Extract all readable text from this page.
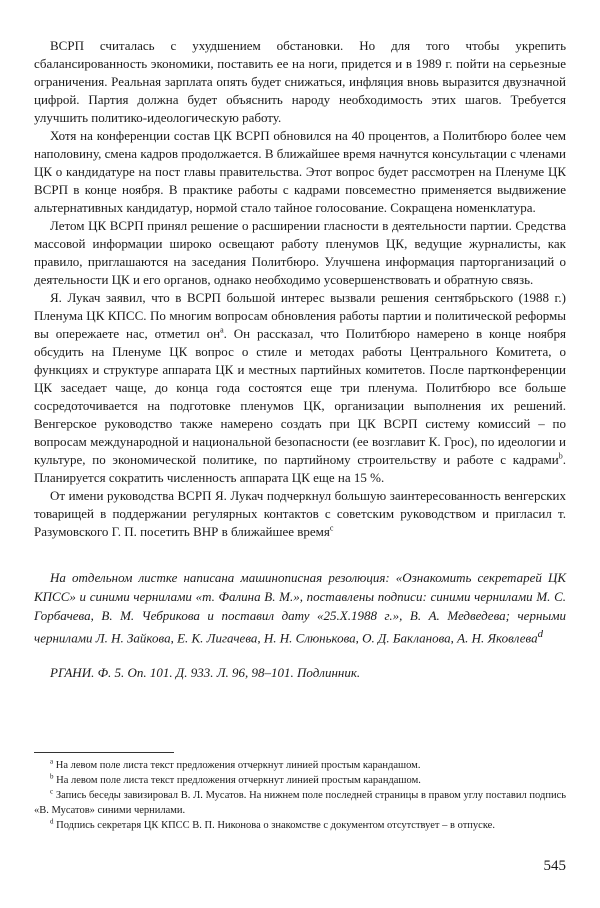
ВСРП считалась с ухудшением обстановки. Но для того чтобы укрепить сбалансированность экономики, поставить ее на ноги, придется и в 1989 г. пойти на серьезные ограничения. Реальная зарплата опять будет снижаться, инфляция вновь выразится двузначной цифрой. Партия должна будет объяснить народу необходимость этих шагов. Требуется улучшить политико-идеологическую работу.

Хотя на конференции состав ЦК ВСРП обновился на 40 процентов, а Политбюро более чем наполовину, смена кадров продолжается. В ближайшее время начнутся консультации с членами ЦК о кандидатуре на пост главы правительства. Этот вопрос будет рассмотрен на Пленуме ЦК ВСРП в конце ноября. В практике работы с кадрами повсеместно применяется выдвижение альтернативных кандидатур, нормой стало тайное голосование. Сокращена номенклатура.

Летом ЦК ВСРП принял решение о расширении гласности в деятельности партии. Средства массовой информации широко освещают работу пленумов ЦК, ведущие журналисты, как правило, приглашаются на заседания Политбюро. Улучшена информация парторганизаций о деятельности ЦК и его органов, однако необходимо усовершенствовать и обратную связь.

Я. Лукач заявил, что в ВСРП большой интерес вызвали решения сентябрьского (1988 г.) Пленума ЦК КПСС. По многим вопросам обновления работы партии и политической реформы вы опережаете нас, отметил $он^a$. Он рассказал, что Политбюро намерено в конце ноября обсудить на Пленуме ЦК вопрос о стиле и методах работы Центрального Комитета, о функциях и структуре аппарата ЦК и местных партийных комитетов. После партконференции ЦК заседает чаще, до конца года состоятся еще три пленума. Политбюро все больше сосредоточивается на подготовке пленумов ЦК, организации выполнения их решений. Венгерское руководство также намерено создать при ЦК ВСРП систему комиссий – по вопросам международной и национальной безопасности (ее возглавит К. Грос), по идеологии и культуре, по экономической политике, по партийному строительству и работе с кадрами$^b$. Планируется сократить численность аппарата ЦК еще на 15 %.

От имени руководства ВСРП Я. Лукач подчеркнул большую заинтересованность венгерских товарищей в поддержании регулярных контактов с советским руководством и пригласил т. Разумовского Г. П. посетить ВНР в ближайшее время$^c$

На отдельном листке написана машинописная резолюция: «Ознакомить секретарей ЦК КПСС» и синими чернилами «т. Фалина В. М.», поставлены подписи: синими чернилами М. С. Горбачева, В. М. Чебрикова и поставил дату «25.X.1988 г.», В. А. Медведева; черными чернилами Л. Н. Зайкова, Е. К. Лигачева, Н. Н. Слюнькова, О. Д. Бакланова, А. Н. Яковлева$^d$

РГАНИ. Ф. 5. Оп. 101. Д. 933. Л. 96, 98–101. Подлинник.

$^a$ На левом поле листа текст предложения отчеркнут линией простым карандашом.

$^b$ На левом поле листа текст предложения отчеркнут линией простым карандашом.

$^c$ Запись беседы завизировал В. Л. Мусатов. На нижнем поле последней страницы в правом углу поставил подпись «В. Мусатов» синими чернилами.

$^d$ Подпись секретаря ЦК КПСС В. П. Никонова о знакомстве с документом отсутствует – в отпуске.

545
